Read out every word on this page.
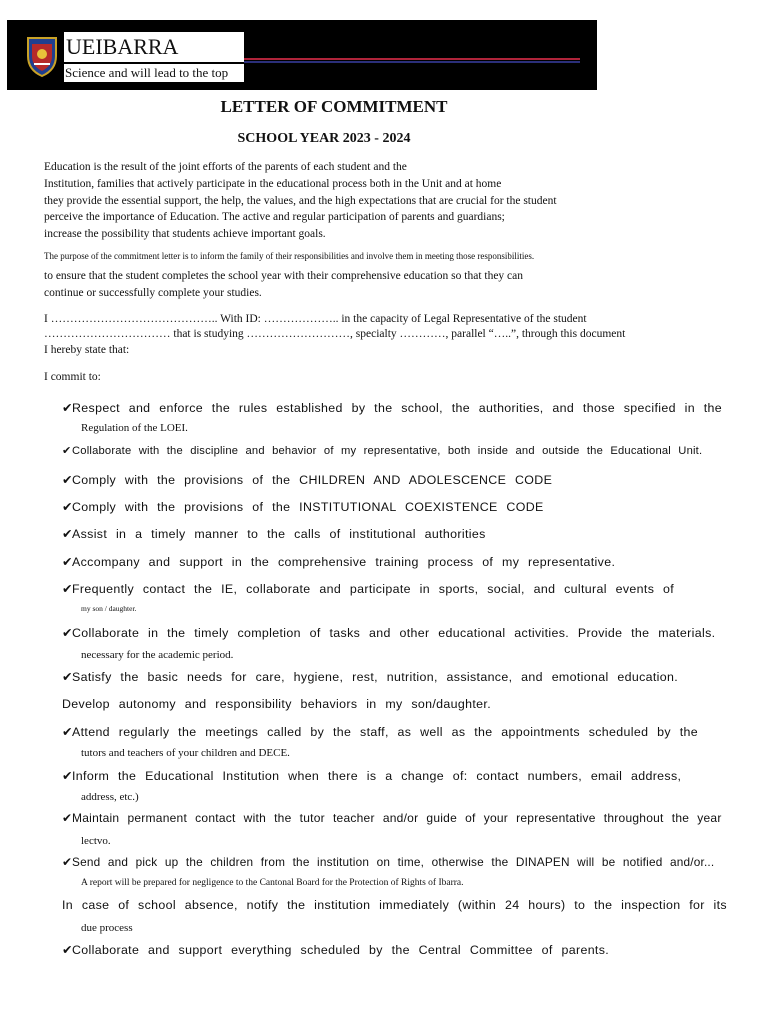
UEIBARRA
Science and will lead to the top
LETTER OF COMMITMENT
SCHOOL YEAR 2023 - 2024
Education is the result of the joint efforts of the parents of each student and the
Institution, families that actively participate in the educational process both in the Unit and at home
they provide the essential support, the help, the values, and the high expectations that are crucial for the student
perceive the importance of Education. The active and regular participation of parents and guardians;
increase the possibility that students achieve important goals.
The purpose of the commitment letter is to inform the family of their responsibilities and involve them in meeting those responsibilities.
to ensure that the student completes the school year with their comprehensive education so that they can
continue or successfully complete your studies.
I …………………………………….. With ID: ……………….. in the capacity of Legal Representative of the student
…………………………… that is studying ………………………, specialty …………, parallel “…..”, through this document
I hereby state that:
I commit to:
✔Respect and enforce the rules established by the school, the authorities, and those specified in the
Regulation of the LOEI.
✔Collaborate with the discipline and behavior of my representative, both inside and outside the Educational Unit.
✔Comply with the provisions of the CHILDREN AND ADOLESCENCE CODE
✔Comply with the provisions of the INSTITUTIONAL COEXISTENCE CODE
✔Assist in a timely manner to the calls of institutional authorities
✔Accompany and support in the comprehensive training process of my representative.
✔Frequently contact the IE, collaborate and participate in sports, social, and cultural events of
my son / daughter.
✔Collaborate in the timely completion of tasks and other educational activities. Provide the materials.
necessary for the academic period.
✔Satisfy the basic needs for care, hygiene, rest, nutrition, assistance, and emotional education.
Develop autonomy and responsibility behaviors in my son/daughter.
✔Attend regularly the meetings called by the staff, as well as the appointments scheduled by the
tutors and teachers of your children and DECE.
✔Inform the Educational Institution when there is a change of: contact numbers, email address,
address, etc.)
✔Maintain permanent contact with the tutor teacher and/or guide of your representative throughout the year
lectvo.
✔Send and pick up the children from the institution on time, otherwise the DINAPEN will be notified and/or...
A report will be prepared for negligence to the Cantonal Board for the Protection of Rights of Ibarra.
In case of school absence, notify the institution immediately (within 24 hours) to the inspection for its
due process
✔Collaborate and support everything scheduled by the Central Committee of parents.
